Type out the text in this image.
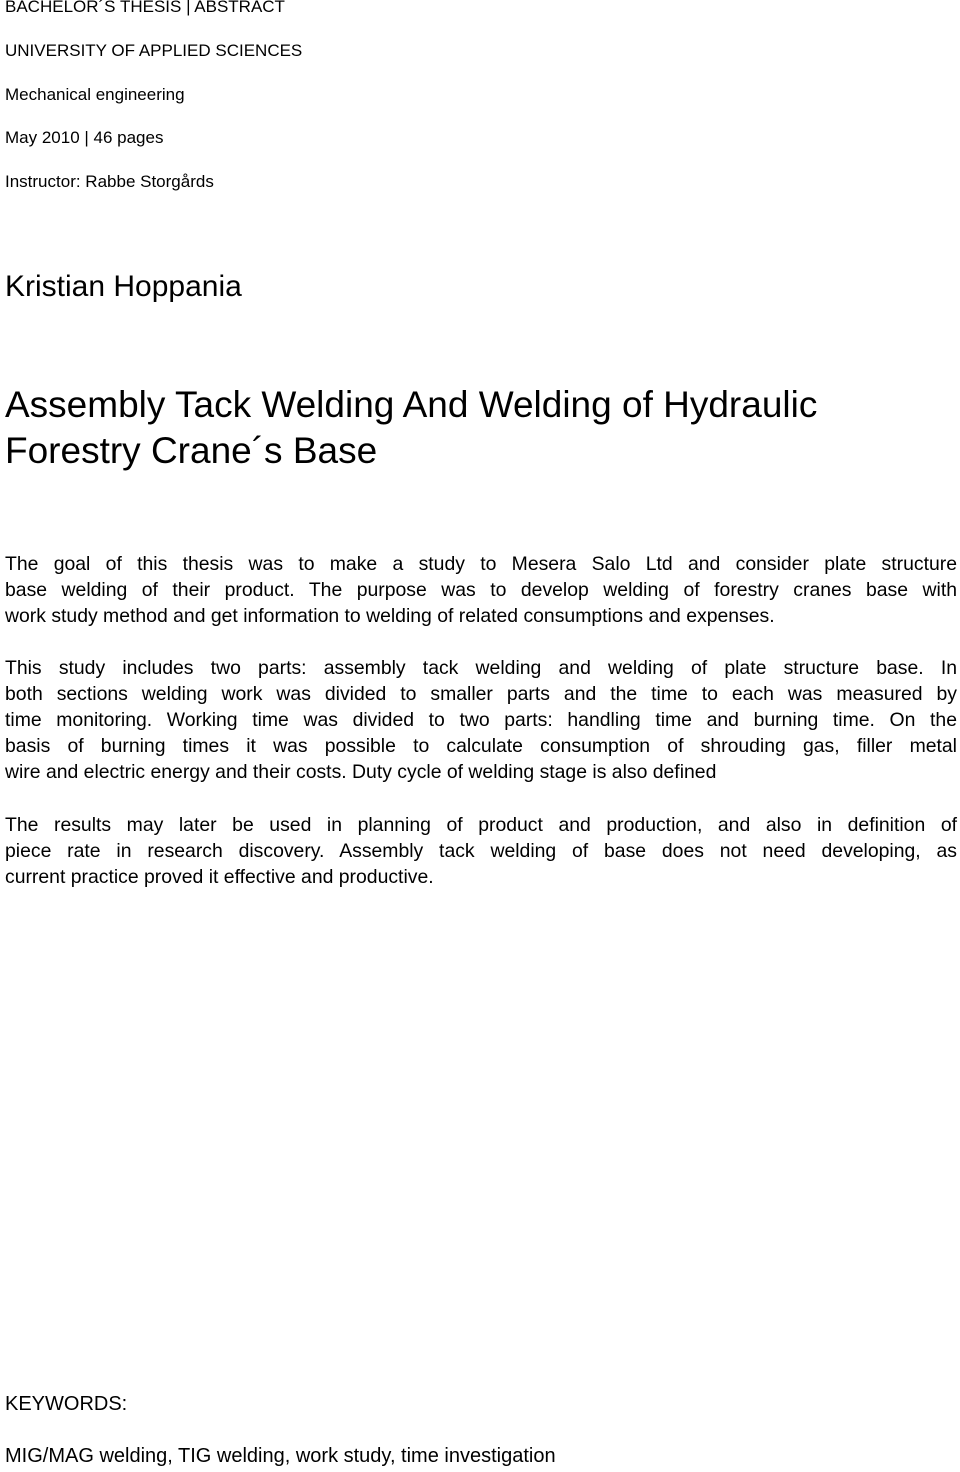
BACHELOR´S THESIS | ABSTRACT
UNIVERSITY OF APPLIED SCIENCES
Mechanical engineering
May 2010 | 46 pages
Instructor: Rabbe Storgårds
Kristian Hoppania
Assembly Tack Welding And Welding of Hydraulic
Forestry Crane´s Base
The goal of this thesis was to make a study to Mesera Salo Ltd and consider plate structure
base welding of their product. The purpose was to develop welding of forestry cranes base with
work study method and get information to welding of related consumptions and expenses.
This study includes two parts: assembly tack welding and welding of plate structure base. In
both sections welding work was divided to smaller parts and the time to each was measured by
time monitoring. Working time was divided to two parts: handling time and burning time. On the
basis of burning times it was possible to calculate consumption of shrouding gas, filler metal
wire and electric energy and their costs. Duty cycle of welding stage is also defined
The results may later be used in planning of product and production, and also in definition of
piece rate in research discovery. Assembly tack welding of base does not need developing, as
current practice proved it effective and productive.
KEYWORDS:
MIG/MAG welding, TIG welding, work study, time investigation
